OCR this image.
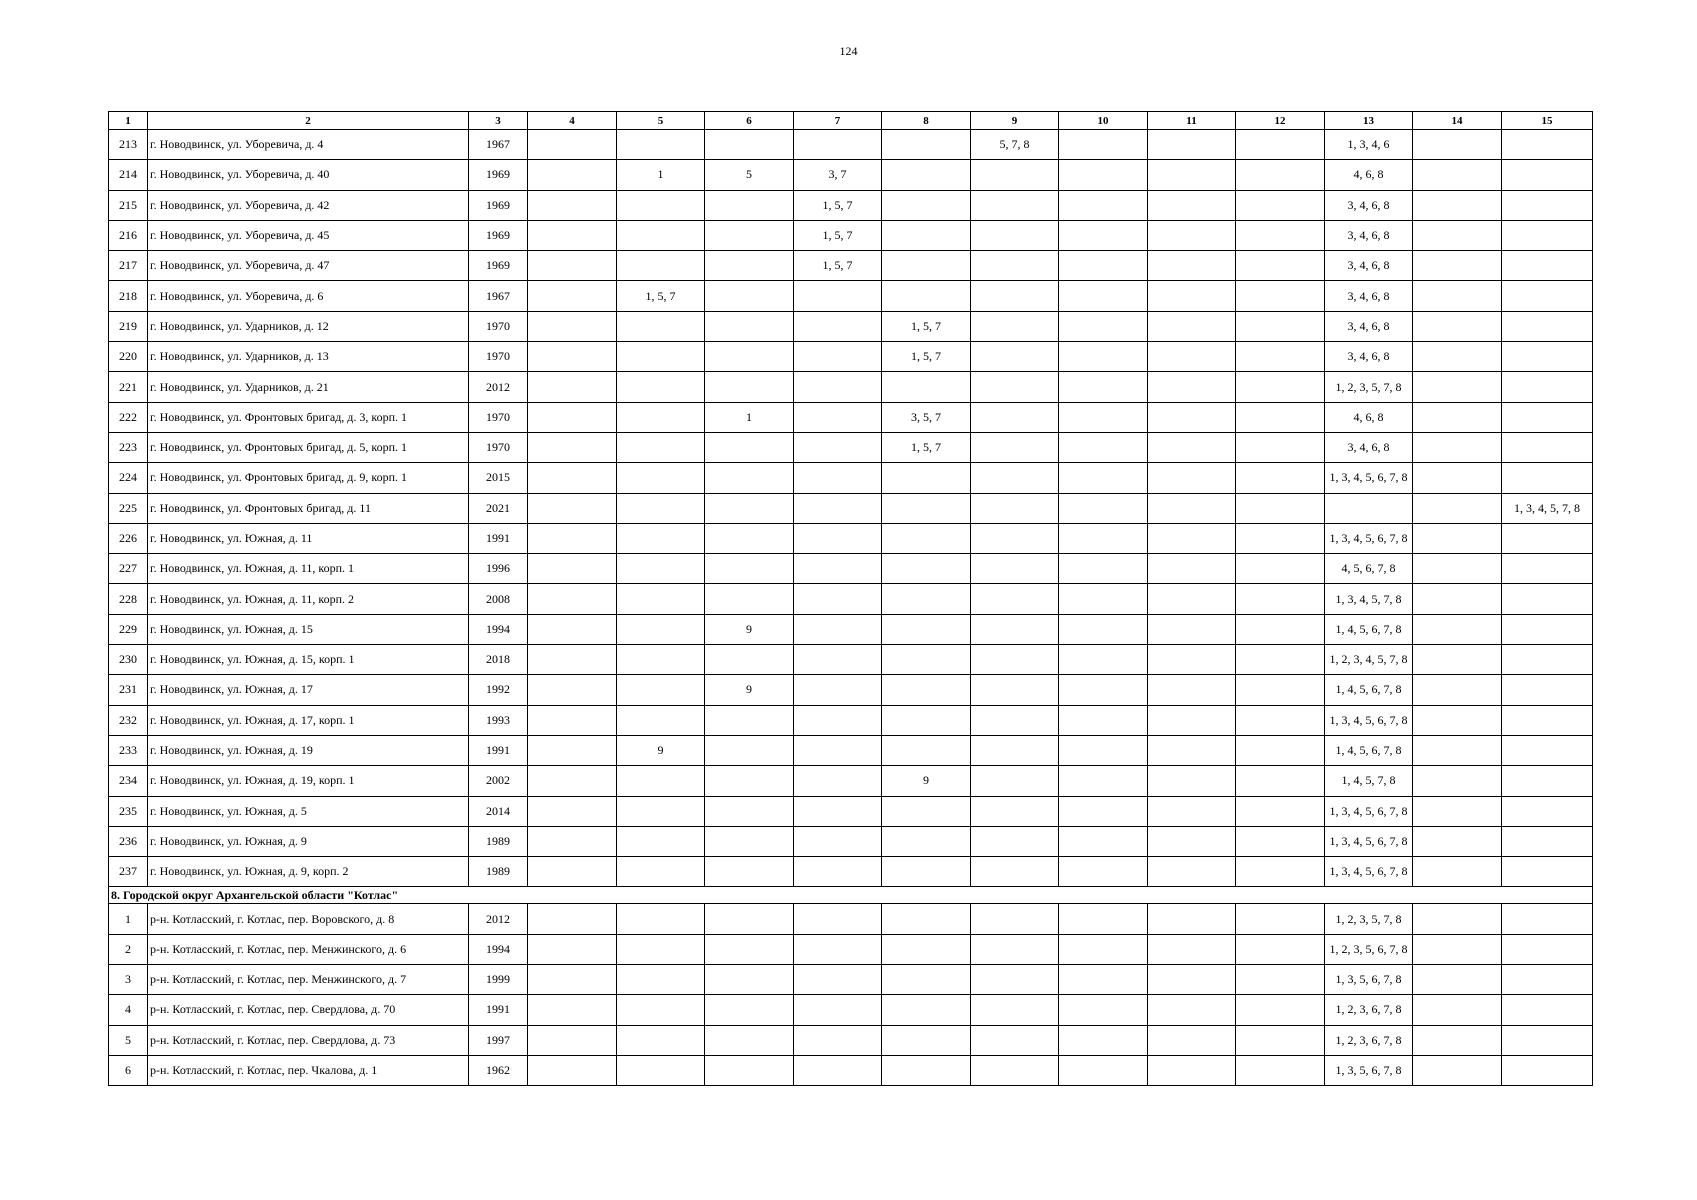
124
1	2	3	4	5	6	7	8	9	10	11	12	13	14	15
213	г. Новодвинск, ул. Уборевича, д. 4	1967						5, 7, 8				1, 3, 4, 6		
214	г. Новодвинск, ул. Уборевича, д. 40	1969		1	5	3, 7						4, 6, 8		
215	г. Новодвинск, ул. Уборевича, д. 42	1969				1, 5, 7						3, 4, 6, 8		
216	г. Новодвинск, ул. Уборевича, д. 45	1969				1, 5, 7						3, 4, 6, 8		
217	г. Новодвинск, ул. Уборевича, д. 47	1969				1, 5, 7						3, 4, 6, 8		
218	г. Новодвинск, ул. Уборевича, д. 6	1967		1, 5, 7								3, 4, 6, 8		
219	г. Новодвинск, ул. Ударников, д. 12	1970					1, 5, 7					3, 4, 6, 8		
220	г. Новодвинск, ул. Ударников, д. 13	1970					1, 5, 7					3, 4, 6, 8		
221	г. Новодвинск, ул. Ударников, д. 21	2012										1, 2, 3, 5, 7, 8		
222	г. Новодвинск, ул. Фронтовых бригад, д. 3, корп. 1	1970			1		3, 5, 7					4, 6, 8		
223	г. Новодвинск, ул. Фронтовых бригад, д. 5, корп. 1	1970					1, 5, 7					3, 4, 6, 8		
224	г. Новодвинск, ул. Фронтовых бригад, д. 9, корп. 1	2015										1, 3, 4, 5, 6, 7, 8		
225	г. Новодвинск, ул. Фронтовых бригад, д. 11	2021												1, 3, 4, 5, 7, 8
226	г. Новодвинск, ул. Южная, д. 11	1991										1, 3, 4, 5, 6, 7, 8		
227	г. Новодвинск, ул. Южная, д. 11, корп. 1	1996										4, 5, 6, 7, 8		
228	г. Новодвинск, ул. Южная, д. 11, корп. 2	2008										1, 3, 4, 5, 7, 8		
229	г. Новодвинск, ул. Южная, д. 15	1994			9							1, 4, 5, 6, 7, 8		
230	г. Новодвинск, ул. Южная, д. 15, корп. 1	2018										1, 2, 3, 4, 5, 7, 8		
231	г. Новодвинск, ул. Южная, д. 17	1992			9							1, 4, 5, 6, 7, 8		
232	г. Новодвинск, ул. Южная, д. 17, корп. 1	1993										1, 3, 4, 5, 6, 7, 8		
233	г. Новодвинск, ул. Южная, д. 19	1991		9								1, 4, 5, 6, 7, 8		
234	г. Новодвинск, ул. Южная, д. 19, корп. 1	2002					9					1, 4, 5, 7, 8		
235	г. Новодвинск, ул. Южная, д. 5	2014										1, 3, 4, 5, 6, 7, 8		
236	г. Новодвинск, ул. Южная, д. 9	1989										1, 3, 4, 5, 6, 7, 8		
237	г. Новодвинск, ул. Южная, д. 9, корп. 2	1989										1, 3, 4, 5, 6, 7, 8		
8. Городской округ Архангельской области "Котлас"														
1	р-н. Котласский, г. Котлас, пер. Воровского, д. 8	2012										1, 2, 3, 5, 7, 8		
2	р-н. Котласский, г. Котлас, пер. Менжинского, д. 6	1994										1, 2, 3, 5, 6, 7, 8		
3	р-н. Котласский, г. Котлас, пер. Менжинского, д. 7	1999										1, 3, 5, 6, 7, 8		
4	р-н. Котласский, г. Котлас, пер. Свердлова, д. 70	1991										1, 2, 3, 6, 7, 8		
5	р-н. Котласский, г. Котлас, пер. Свердлова, д. 73	1997										1, 2, 3, 6, 7, 8		
6	р-н. Котласский, г. Котлас, пер. Чкалова, д. 1	1962										1, 3, 5, 6, 7, 8		
